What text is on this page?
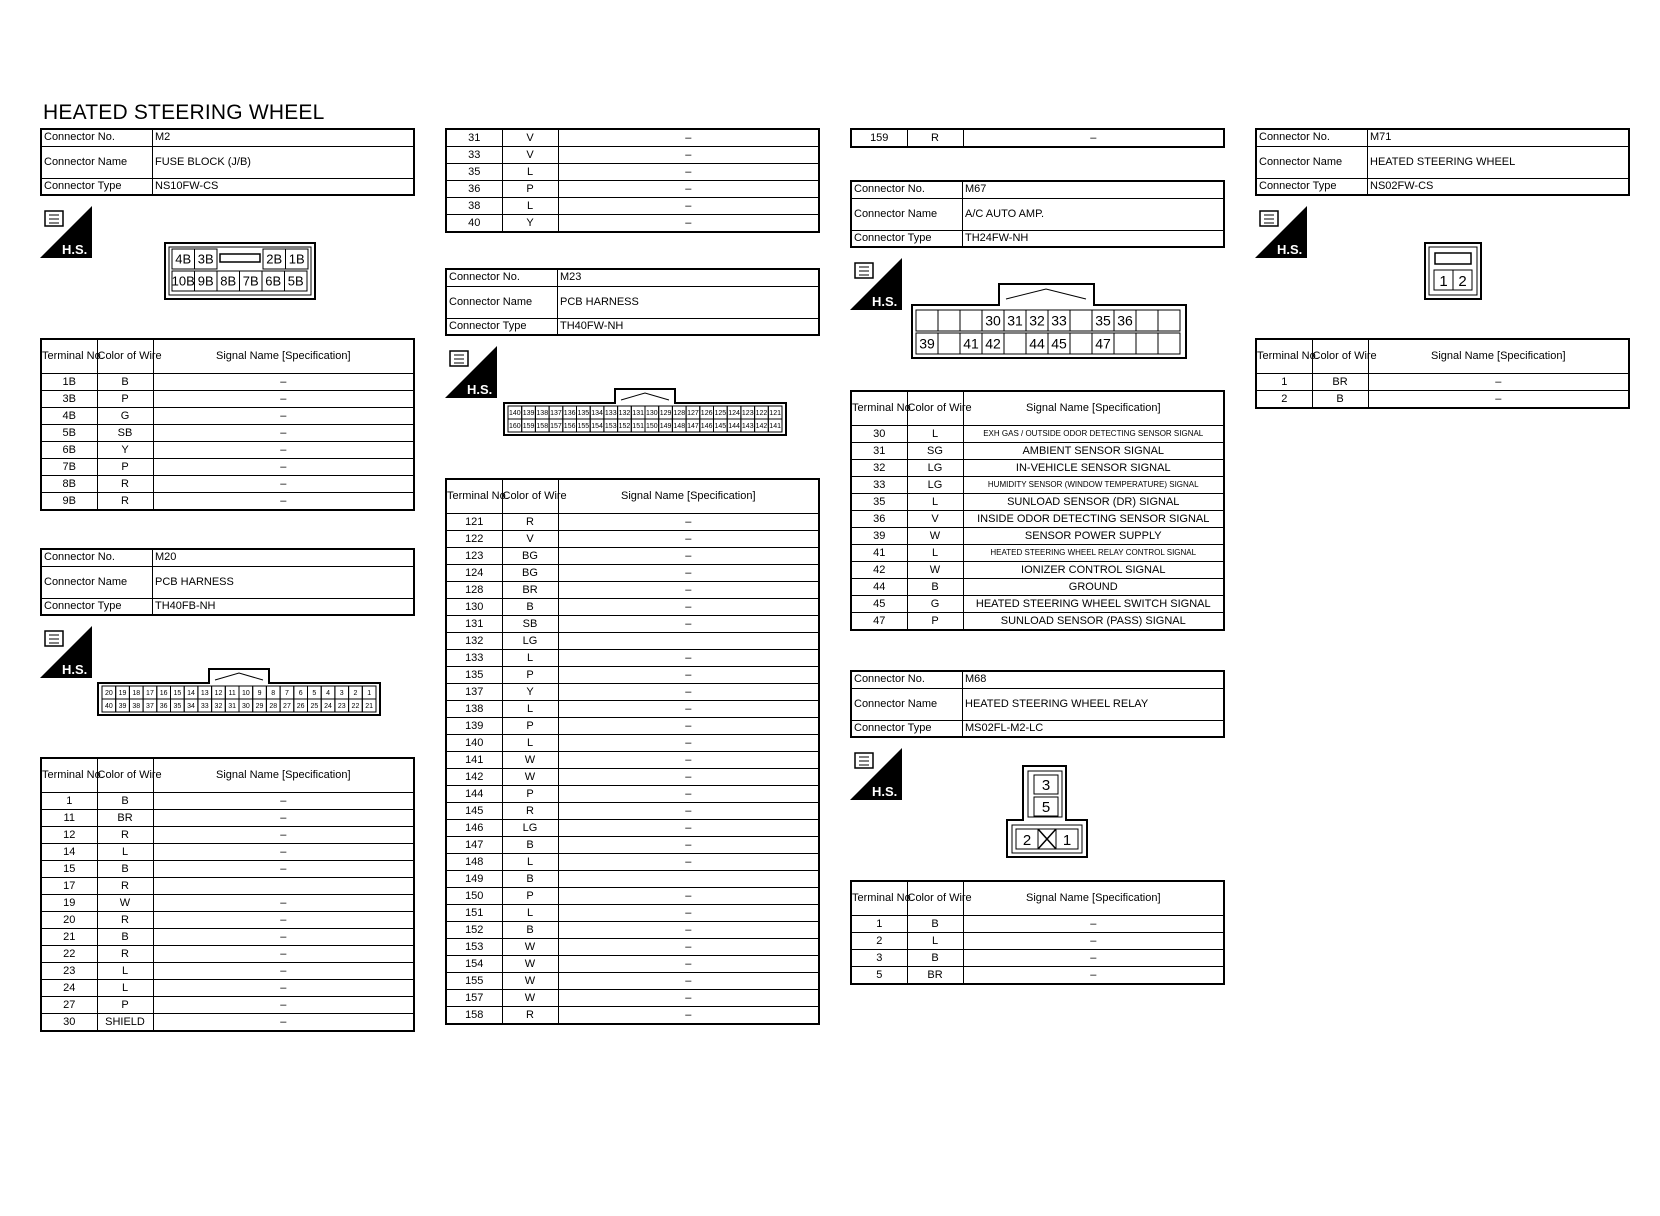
HEATED STEERING WHEEL
Connector No.	M2
Connector Name	FUSE BLOCK (J/B)
Connector Type	NS10FW-CS
H.S.
4B 3B	2B 1B
10B 9B 8B 7B 6B 5B
Terminal No.	Color of Wire	Signal Name [Specification]
1B	B	–
3B	P	–
4B	G	–
5B	SB	–
6B	Y	–
7B	P	–
8B	R	–
9B	R	–
Connector No.	M20
Connector Name	PCB HARNESS
Connector Type	TH40FB-NH
H.S.
20 19 18 17 16 15 14 13 12 11 10 9 8 7 6 5 4 3 2 1
40 39 38 37 36 35 34 33 32 31 30 29 28 27 26 25 24 23 22 21
Terminal No.	Color of Wire	Signal Name [Specification]
1	B	–
11	BR	–
12	R	–
14	L	–
15	B	–
17	R	
19	W	–
20	R	–
21	B	–
22	R	–
23	L	–
24	L	–
27	P	–
30	SHIELD	–
31	V	–
33	V	–
35	L	–
36	P	–
38	L	–
40	Y	–
Connector No.	M23
Connector Name	PCB HARNESS
Connector Type	TH40FW-NH
H.S.
140 139 138 137 136 135 134 133 132 131 130 129 128 127 126 125 124 123 122 121
160 159 158 157 156 155 154 153 152 151 150 149 148 147 146 145 144 143 142 141
Terminal No.	Color of Wire	Signal Name [Specification]
121	R	–
122	V	–
123	BG	–
124	BG	–
128	BR	–
130	B	–
131	SB	–
132	LG	
133	L	–
135	P	–
137	Y	–
138	L	–
139	P	–
140	L	–
141	W	–
142	W	–
144	P	–
145	R	–
146	LG	–
147	B	–
148	L	–
149	B	
150	P	–
151	L	–
152	B	–
153	W	–
154	W	–
155	W	–
157	W	–
158	R	–
159	R	–
Connector No.	M67
Connector Name	A/C AUTO AMP.
Connector Type	TH24FW-NH
H.S.
30 31 32 33 35 36
39 41 42 44 45 47
Terminal No.	Color of Wire	Signal Name [Specification]
30	L	EXH GAS / OUTSIDE ODOR DETECTING SENSOR SIGNAL
31	SG	AMBIENT SENSOR SIGNAL
32	LG	IN-VEHICLE SENSOR SIGNAL
33	LG	HUMIDITY SENSOR (WINDOW TEMPERATURE) SIGNAL
35	L	SUNLOAD SENSOR (DR) SIGNAL
36	V	INSIDE ODOR DETECTING SENSOR SIGNAL
39	W	SENSOR POWER SUPPLY
41	L	HEATED STEERING WHEEL RELAY CONTROL SIGNAL
42	W	IONIZER CONTROL SIGNAL
44	B	GROUND
45	G	HEATED STEERING WHEEL SWITCH SIGNAL
47	P	SUNLOAD SENSOR (PASS) SIGNAL
Connector No.	M68
Connector Name	HEATED STEERING WHEEL RELAY
Connector Type	MS02FL-M2-LC
H.S.	3
5
2 1
Terminal No.	Color of Wire	Signal Name [Specification]
1	B	–
2	L	–
3	B	–
5	BR	–
Connector No.	M71
Connector Name	HEATED STEERING WHEEL
Connector Type	NS02FW-CS
H.S.
1 2
Terminal No.	Color of Wire	Signal Name [Specification]
1	BR	–
2	B	–
